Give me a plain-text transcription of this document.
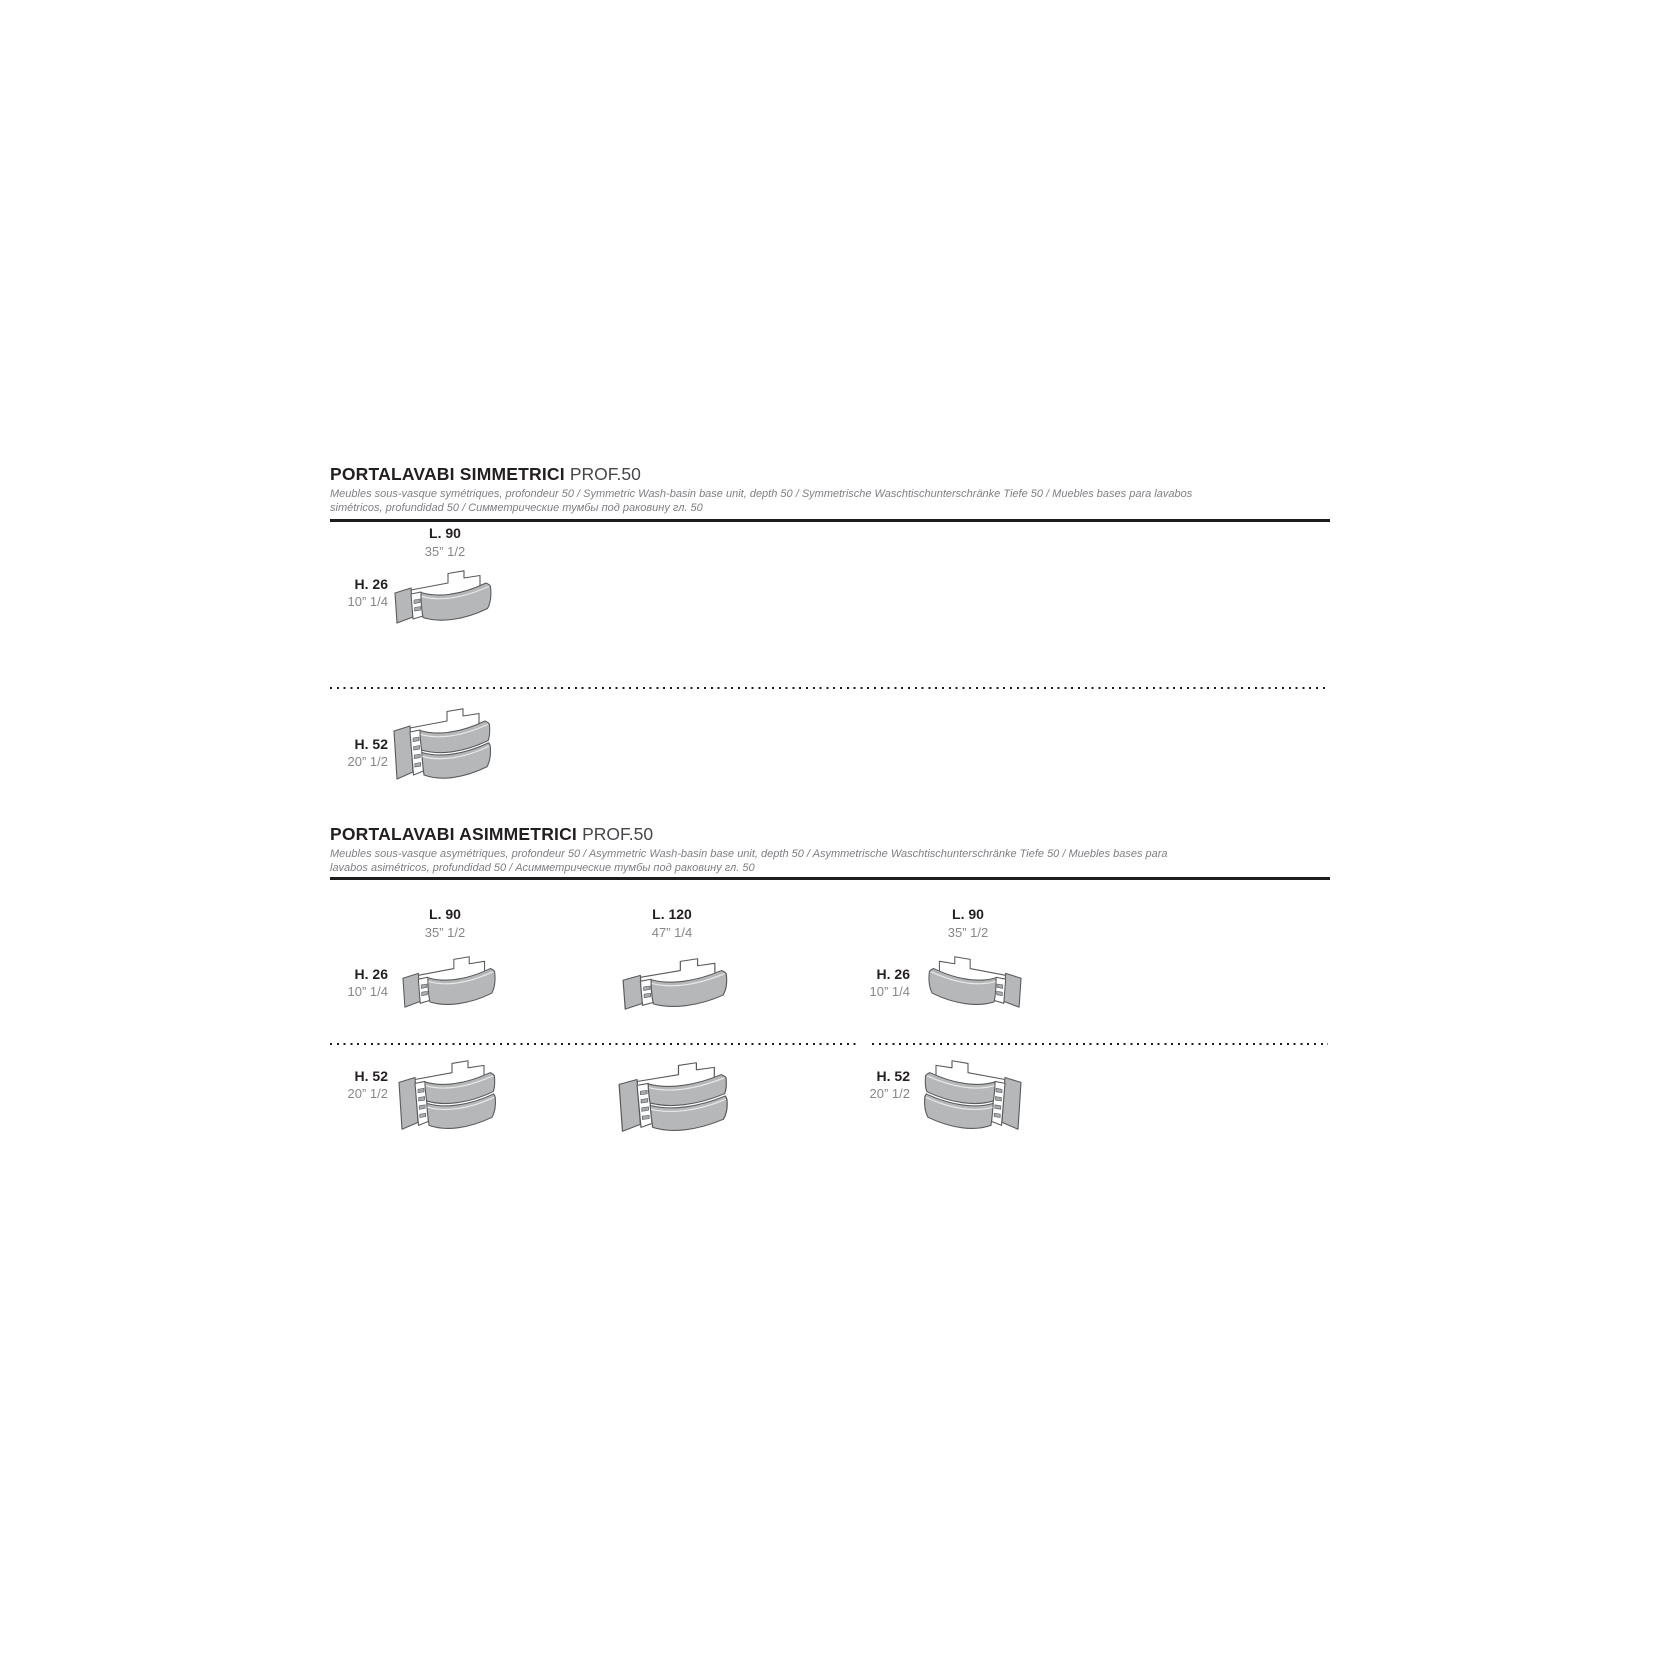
PORTALAVABI SIMMETRICI PROF.50
Meubles sous-vasque symétriques, profondeur 50 / Symmetric Wash-basin base unit, depth 50 / Symmetrische Waschtischunterschränke Tiefe 50 / Muebles bases para lavabos
simétricos, profundidad 50 / Симметрические тумбы под раковину гл. 50
L. 90
35” 1/2
H. 26
10” 1/4
H. 52
20” 1/2
PORTALAVABI ASIMMETRICI PROF.50
Meubles sous-vasque asymétriques, profondeur 50 / Asymmetric Wash-basin base unit, depth 50 / Asymmetrische Waschtischunterschränke Tiefe 50 / Muebles bases para
lavabos asimétricos, profundidad 50 / Асимметрические тумбы под раковину гл. 50
L. 90
35” 1/2
L. 120
47” 1/4
L. 90
35” 1/2
H. 26
10” 1/4
H. 26
10” 1/4
H. 52
20” 1/2
H. 52
20” 1/2
